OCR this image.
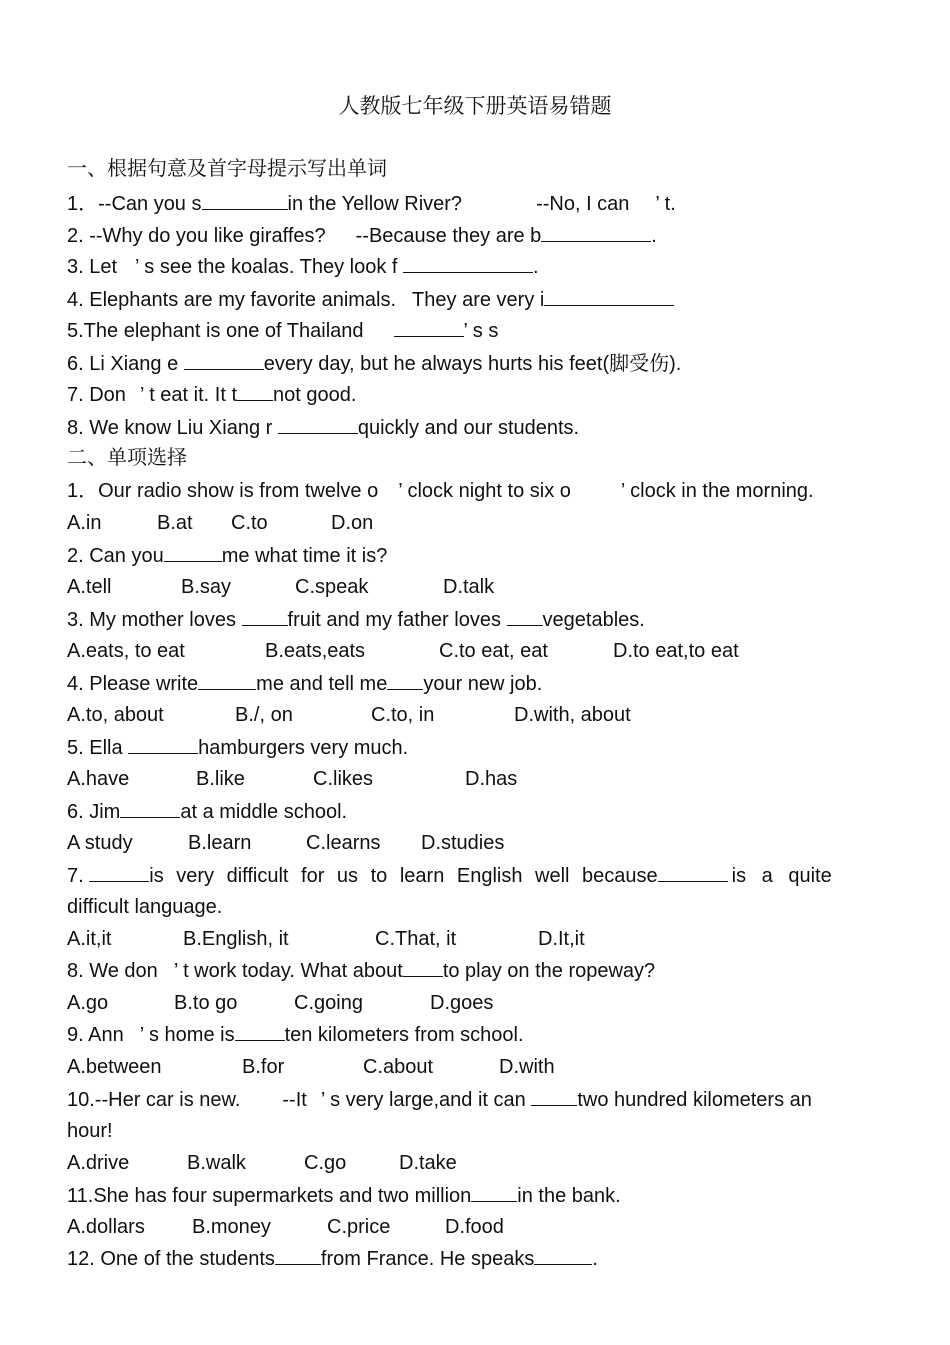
人教版七年级下册英语易错题
一、根据句意及首字母提示写出单词
1．--Can you s	in the Yellow River?	--No, I can ’ t.
2. --Why do you like giraffes? --Because they are b	.
3. Let ’ s see the koalas. They look f	.
4. Elephants are my favorite animals. They are very i
5.The elephant is one of Thailand	’ s s
6. Li Xiang e	every day, but he always hurts his feet(脚受伤).
7. Don ’ t eat it. It t not good.
8. We know Liu Xiang r	quickly and our students.
二、单项选择
1．Our radio show is from twelve o ’ clock night to six o	’ clock in the morning.
A.in	B.at C.to	D.on
2. Can you	me what time it is?
A.tell	B.say	C.speak	D.talk
3. My mother loves	fruit and my father loves vegetables.
A.eats, to eat	B.eats,eats	C.to eat, eat	D.to eat,to eat
4. Please write	me and tell me your new job.
A.to, about	B./, on	C.to, in	D.with, about
5. Ella	hamburgers very much.
A.have	B.like	C.likes	D.has
6. Jim	at a middle school.
A study	B.learn	C.learns D.studies
7.	is very difficult for us to learn English well because	is a quite
difficult language.
A.it,it	B.English, it	C.That, it	D.It,it
8. We don ’ t work today. What about to play on the ropeway?
A.go	B.to go	C.going	D.goes
9. Ann ’ s home is	ten kilometers from school.
A.between	B.for	C.about	D.with
10.--Her car is new. --It ’ s very large,and it can	two hundred kilometers an
hour!
A.drive	B.walk	C.go	D.take
11.She has four supermarkets and two million in the bank.
A.dollars B.money	C.price	D.food
12. One of the students from France. He speaks	.
